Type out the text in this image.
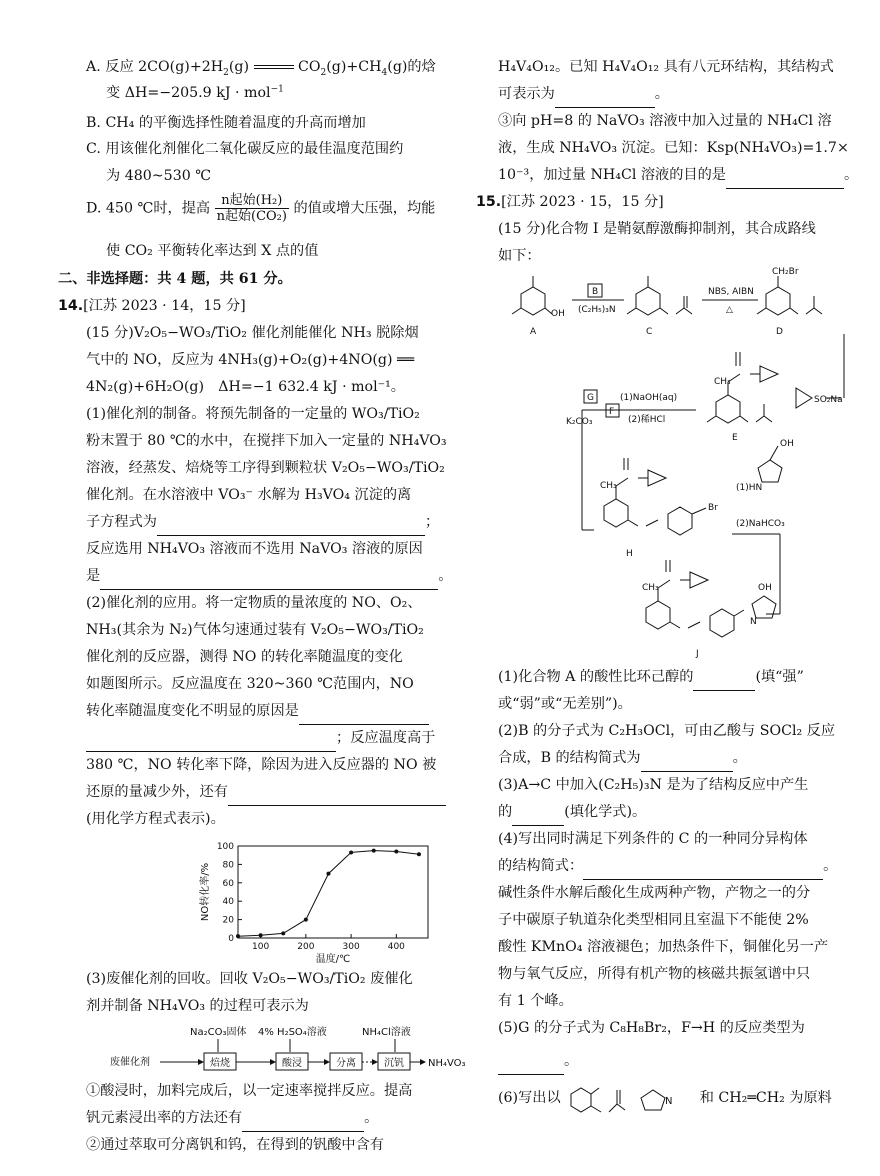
A. 反应 $2CO(g)+2H_2(g)$	$CO_2(g)+CH_4(g)$的焓
变 ΔH=−205.9 kJ · mol$^{-1}$
B. CH₄ 的平衡选择性随着温度的升高而增加
C. 用该催化剂催化二氧化碳反应的最佳温度范围约
为 480~530 ℃
D. 450 ℃时，提高 $\frac{\text{n起始(H₂)}}{\text{n起始(CO₂)}}$ 的值或增大压强，均能
使 CO₂ 平衡转化率达到 X 点的值
二、非选择题：共 4 题，共 61 分。
14.[江苏 2023 · 14，15 分]

(15 分)V₂O₅−WO₃/TiO₂ 催化剂能催化 NH₃ 脱除烟

气中的 NO，反应为 4NH₃(g)+O₂(g)+4NO(g) ══

4N₂(g)+6H₂O(g)　ΔH=−1 632.4 kJ · mol⁻¹。

(1)催化剂的制备。将预先制备的一定量的 WO₃/TiO₂

粉末置于 80 ℃的水中，在搅拌下加入一定量的 NH₄VO₃

溶液，经蒸发、焙烧等工序得到颗粒状 V₂O₅−WO₃/TiO₂

催化剂。在水溶液中 VO₃⁻ 水解为 H₃VO₄ 沉淀的离

子方程式为	；

反应选用 NH₄VO₃ 溶液而不选用 NaVO₃ 溶液的原因

是	。

(2)催化剂的应用。将一定物质的量浓度的 NO、O₂、

NH₃(其余为 N₂)气体匀速通过装有 V₂O₅−WO₃/TiO₂

催化剂的反应器，测得 NO 的转化率随温度的变化

如题图所示。反应温度在 320~360 ℃范围内，NO

转化率随温度变化不明显的原因是

；反应温度高于

380 ℃，NO 转化率下降，除因为进入反应器的 NO 被

还原的量减少外，还有

(用化学方程式表示)。

0
20
40
60
80
100
100	200	300	400
温度/℃
NO转化率/%

(3)废催化剂的回收。回收 V₂O₅−WO₃/TiO₂ 废催化

剂并制备 NH₄VO₃ 的过程可表示为

Na₂CO₃固体 4% H₂SO₄溶液	NH₄Cl溶液
废催化剂	焙烧	酸浸	分离	沉钒 NH₄VO₃

①酸浸时，加料完成后，以一定速率搅拌反应。提高

钒元素浸出率的方法还有	。

②通过萃取可分离钒和钨，在得到的钒酸中含有

H₄V₄O₁₂。已知 H₄V₄O₁₂ 具有八元环结构，其结构式

可表示为	。

③向 pH=8 的 NaVO₃ 溶液中加入过量的 NH₄Cl 溶

液，生成 NH₄VO₃ 沉淀。已知：Ksp(NH₄VO₃)=1.7×

10⁻³，加过量 NH₄Cl 溶液的目的是	。

15.[江苏 2023 · 15，15 分]

(15 分)化合物 I 是鞘氨醇激酶抑制剂，其合成路线

如下：

OH
A
B
(C₂H₅)₃N
C
NBS, AIBN
△
CH₂Br
D
SO₂Na
CH₃
E
(1)NaOH(aq)
(2)稀HCl
G
F
K₂CO₃
CH₃
Br
H
OH
(1)HN
(2)NaHCO₃
CH₃	OH
N
J

(1)化合物 A 的酸性比环己醇的	(填“强”

或“弱”或“无差别”)。

(2)B 的分子式为 C₂H₃OCl，可由乙酸与 SOCl₂ 反应

合成，B 的结构简式为	。

(3)A→C 中加入(C₂H₅)₃N 是为了结构反应中产生

的	(填化学式)。

(4)写出同时满足下列条件的 C 的一种同分异构体

的结构简式：	。

碱性条件水解后酸化生成两种产物，产物之一的分

子中碳原子轨道杂化类型相同且室温下不能使 2%

酸性 KMnO₄ 溶液褪色；加热条件下，铜催化另一产

物与氧气反应，所得有机产物的核磁共振氢谱中只

有 1 个峰。

(5)G 的分子式为 C₈H₈Br₂，F→H 的反应类型为

。

(6)写出以	N 和 CH₂═CH₂ 为原料
